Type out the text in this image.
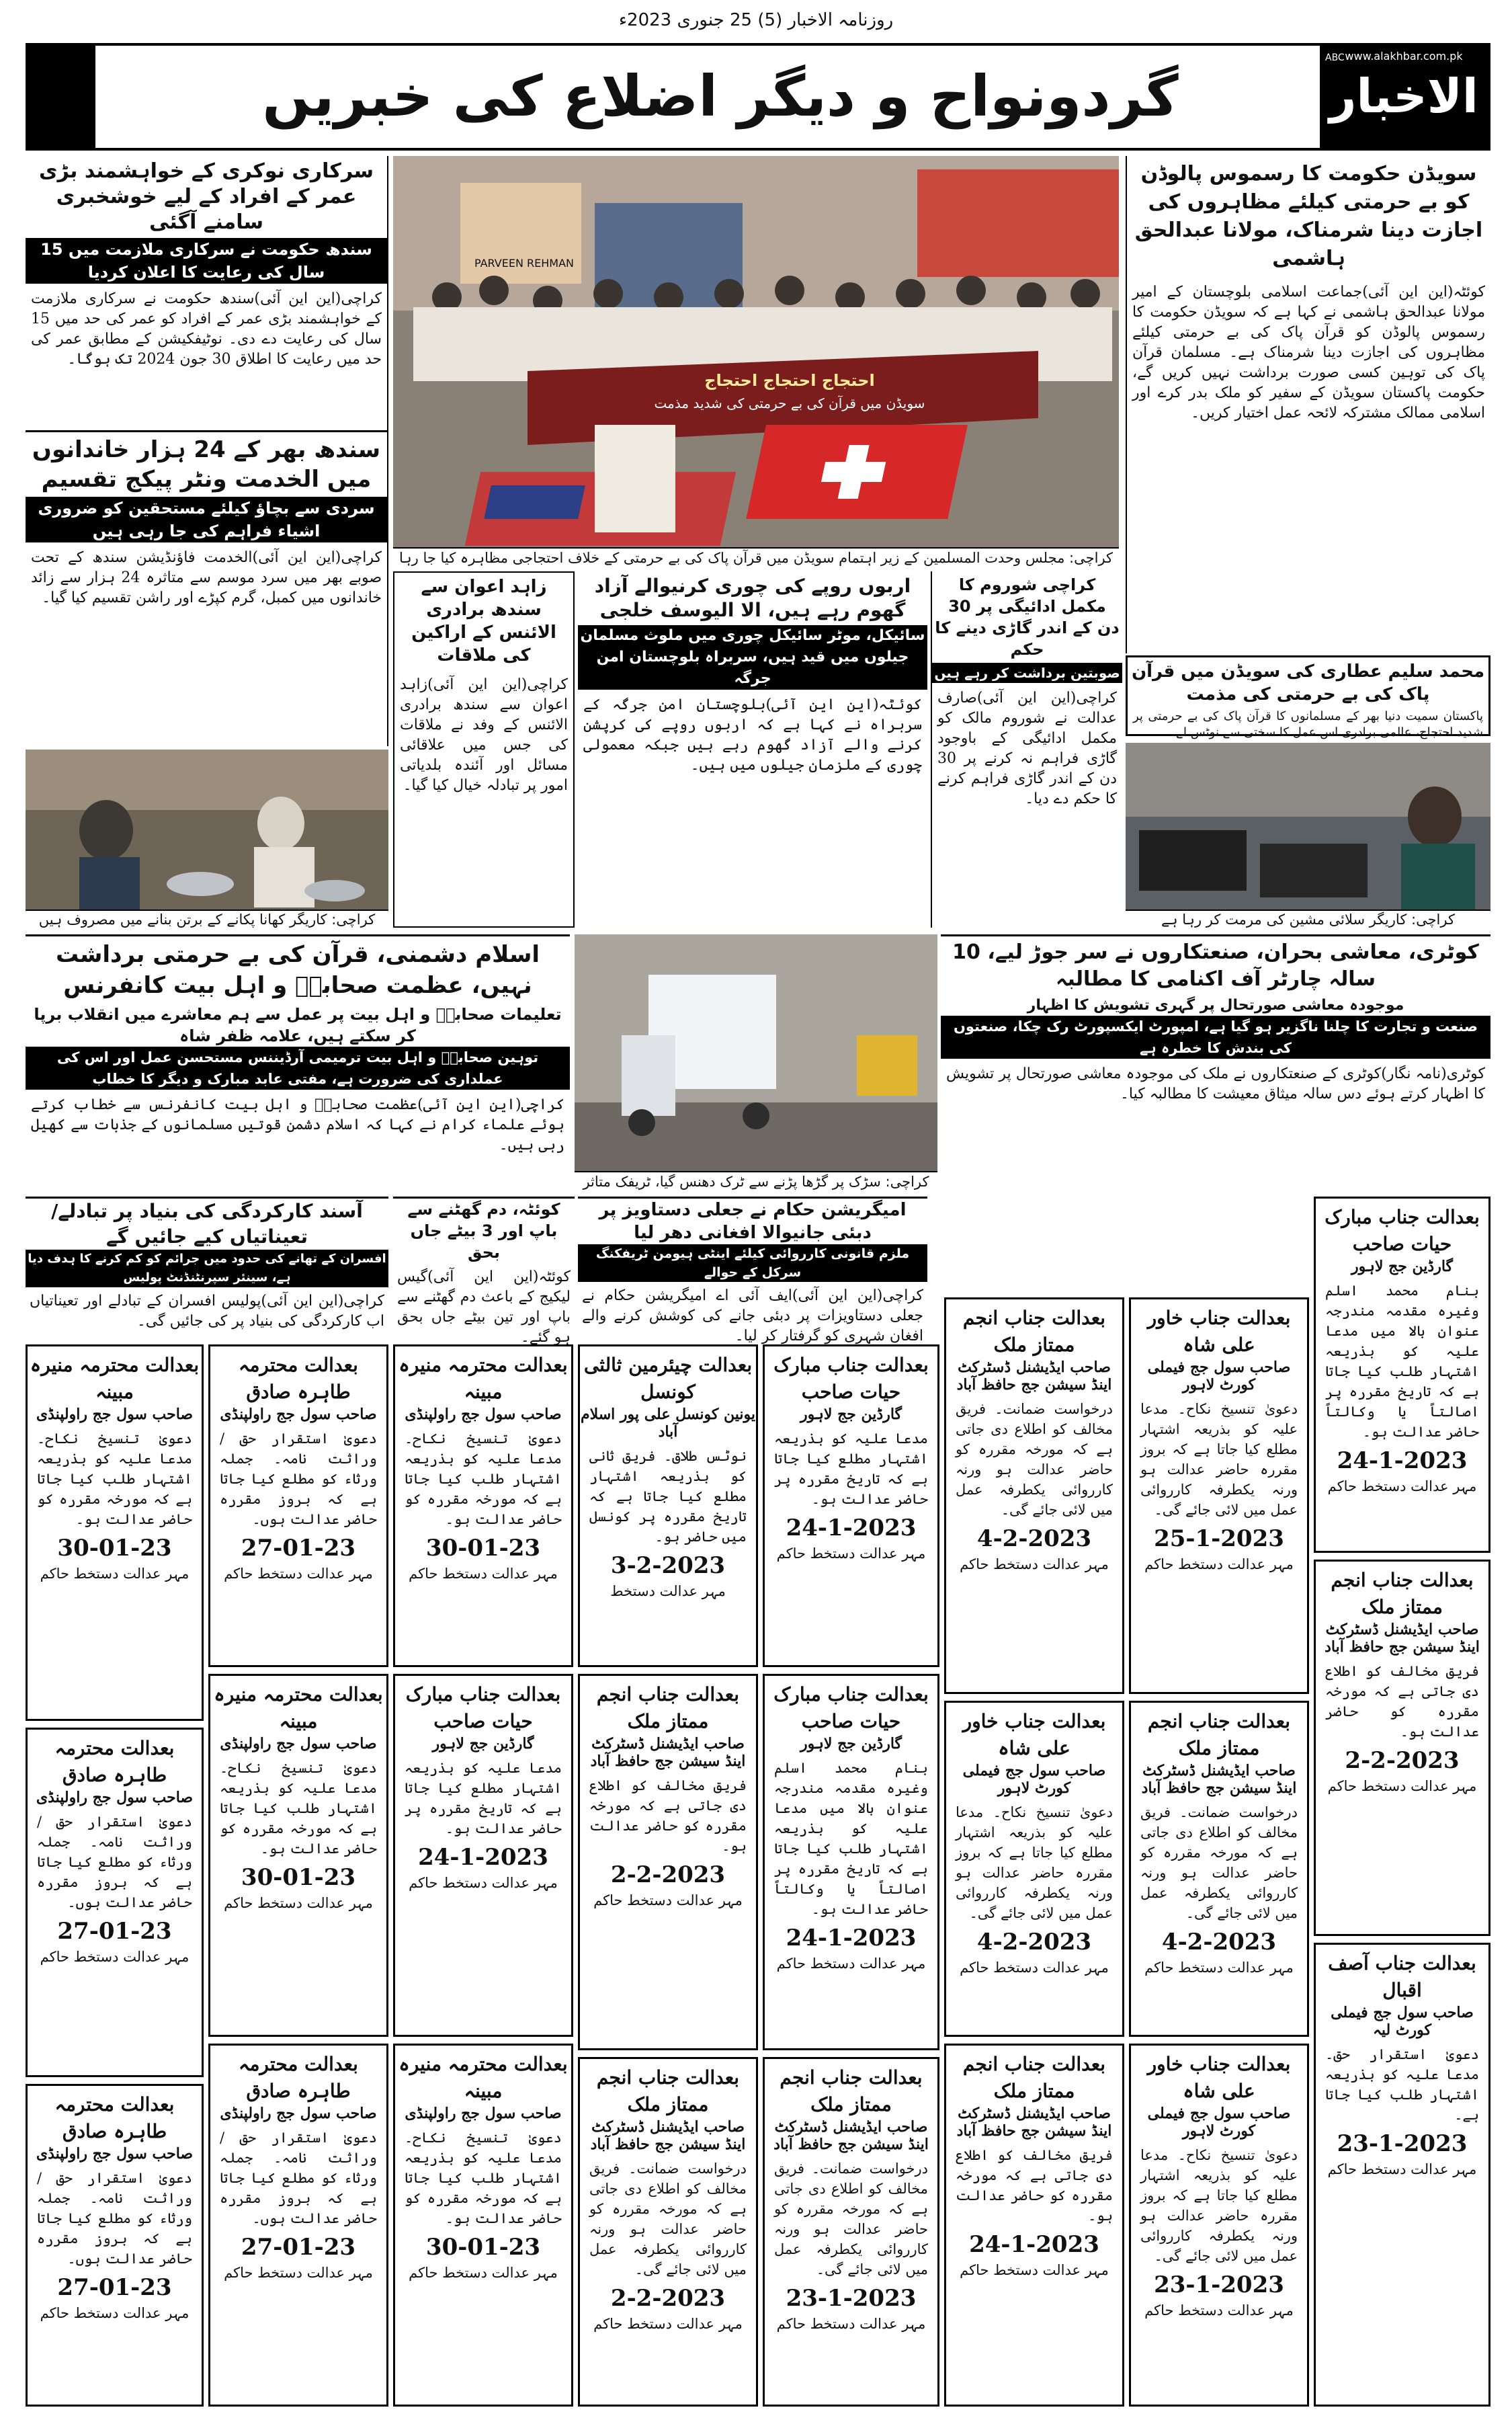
روزنامہ الاخبار (5) 25 جنوری 2023ء
گردونواح و دیگر اضلاع کی خبریں
ABC www.alakhbar.com.pk
الاخبار
سرکاری نوکری کے خواہشمند بڑی عمر کے افراد کے لیے خوشخبری سامنے آگئی
سندھ حکومت نے سرکاری ملازمت میں 15 سال کی رعایت کا اعلان کردیا
کراچی(این این آئی)سندھ حکومت نے سرکاری ملازمت کے خواہشمند بڑی عمر کے افراد کو عمر کی حد میں 15 سال کی رعایت دے دی۔ نوٹیفکیشن کے مطابق عمر کی حد میں رعایت کا اطلاق 30 جون 2024 تک ہوگا۔
سندھ بھر کے 24 ہزار خاندانوں میں الخدمت ونٹر پیکج تقسیم
سردی سے بچاؤ کیلئے مستحقین کو ضروری اشیاء فراہم کی جا رہی ہیں
کراچی(این این آئی)الخدمت فاؤنڈیشن سندھ کے تحت صوبے بھر میں سرد موسم سے متاثرہ 24 ہزار سے زائد خاندانوں میں کمبل، گرم کپڑے اور راشن تقسیم کیا گیا۔
احتجاج احتجاج احتجاج
سویڈن میں قرآن کی بے حرمتی کی شدید مذمت
PARVEEN REHMAN
کراچی: مجلس وحدت المسلمین کے زیر اہتمام سویڈن میں قرآن پاک کی بے حرمتی کے خلاف احتجاجی مظاہرہ کیا جا رہا
سویڈن حکومت کا رسموس پالوڈن کو بے حرمتی کیلئے مظاہروں کی اجازت دینا شرمناک، مولانا عبدالحق ہاشمی
کوئٹہ(این این آئی)جماعت اسلامی بلوچستان کے امیر مولانا عبدالحق ہاشمی نے کہا ہے کہ سویڈن حکومت کا رسموس پالوڈن کو قرآن پاک کی بے حرمتی کیلئے مظاہروں کی اجازت دینا شرمناک ہے۔ مسلمان قرآن پاک کی توہین کسی صورت برداشت نہیں کریں گے، حکومت پاکستان سویڈن کے سفیر کو ملک بدر کرے اور اسلامی ممالک مشترکہ لائحہ عمل اختیار کریں۔
محمد سلیم عطاری کی سویڈن میں قرآن پاک کی بے حرمتی کی مذمت
پاکستان سمیت دنیا بھر کے مسلمانوں کا قرآن پاک کی بے حرمتی پر شدید احتجاج، عالمی برادری اس عمل کا سختی سے نوٹس لے۔
زاہد اعوان سے سندھ برادری الائنس کے اراکین کی ملاقات
کراچی(این این آئی)زاہد اعوان سے سندھ برادری الائنس کے وفد نے ملاقات کی جس میں علاقائی مسائل اور آئندہ بلدیاتی امور پر تبادلہ خیال کیا گیا۔
اربوں روپے کی چوری کرنیوالے آزاد گھوم رہے ہیں، الا الیوسف خلجی
سائیکل، موٹر سائیکل چوری میں ملوث مسلمان جیلوں میں قید ہیں، سربراہ بلوچستان امن جرگہ
کوئٹہ(این این آئی)بلوچستان امن جرگہ کے سربراہ نے کہا ہے کہ اربوں روپے کی کرپشن کرنے والے آزاد گھوم رہے ہیں جبکہ معمولی چوری کے ملزمان جیلوں میں ہیں۔
کراچی شوروم کا مکمل ادائیگی پر 30 دن کے اندر گاڑی دینے کا حکم
صوبتین برداشت کر رہے ہیں
کراچی(این این آئی)صارف عدالت نے شوروم مالک کو مکمل ادائیگی کے باوجود گاڑی فراہم نہ کرنے پر 30 دن کے اندر گاڑی فراہم کرنے کا حکم دے دیا۔
کراچی: کاریگر کھانا پکانے کے برتن بنانے میں مصروف ہیں	کراچی: کاریگر سلائی مشین کی مرمت کر رہا ہے
اسلام دشمنی، قرآن کی بے حرمتی برداشت نہیں، عظمت صحابہؓ و اہل بیت کانفرنس
تعلیمات صحابہؓ و اہل بیت پر عمل سے ہم معاشرے میں انقلاب برپا کر سکتے ہیں، علامہ ظفر شاہ
توہین صحابہؓ و اہل بیت ترمیمی آرڈیننس مستحسن عمل اور اس کی عملداری کی ضرورت ہے، مفتی عابد مبارک و دیگر کا خطاب
کراچی(این این آئی)عظمت صحابہؓ و اہل بیت کانفرنس سے خطاب کرتے ہوئے علماء کرام نے کہا کہ اسلام دشمن قوتیں مسلمانوں کے جذبات سے کھیل رہی ہیں۔
کراچی: سڑک پر گڑھا پڑنے سے ٹرک دھنس گیا، ٹریفک متاثر
کوٹری، معاشی بحران، صنعتکاروں نے سر جوڑ لیے، 10 سالہ چارٹر آف اکنامی کا مطالبہ
موجودہ معاشی صورتحال پر گہری تشویش کا اظہار
صنعت و تجارت کا چلنا ناگزیر ہو گیا ہے، امپورٹ ایکسپورٹ رک چکا، صنعتوں کی بندش کا خطرہ ہے
کوٹری(نامہ نگار)کوٹری کے صنعتکاروں نے ملک کی موجودہ معاشی صورتحال پر تشویش کا اظہار کرتے ہوئے دس سالہ میثاق معیشت کا مطالبہ کیا۔
آسند کارکردگی کی بنیاد پر تبادلے/تعیناتیاں کیے جائیں گے
افسران کے تھانے کی حدود میں جرائم کو کم کرنے کا ہدف دیا ہے، سینئر سپرنٹنڈنٹ پولیس
کراچی(این این آئی)پولیس افسران کے تبادلے اور تعیناتیاں اب کارکردگی کی بنیاد پر کی جائیں گی۔
کوئٹہ، دم گھٹنے سے باپ اور 3 بیٹے جاں بحق
کوئٹہ(این این آئی)گیس لیکیج کے باعث دم گھٹنے سے باپ اور تین بیٹے جاں بحق ہو گئے۔
امیگریشن حکام نے جعلی دستاویز پر دبئی جانیوالا افغانی دھر لیا
ملزم قانونی کارروائی کیلئے اینٹی ہیومن ٹریفکنگ سرکل کے حوالے
کراچی(این این آئی)ایف آئی اے امیگریشن حکام نے جعلی دستاویزات پر دبئی جانے کی کوشش کرنے والے افغان شہری کو گرفتار کر لیا۔
بعدالت جناب مبارک حیات صاحب
گارڈین جج لاہور
بنام محمد اسلم وغیرہ مقدمہ مندرجہ عنوان بالا میں مدعا علیہ کو بذریعہ اشتہار طلب کیا جاتا ہے کہ تاریخ مقررہ پر اصالتاً یا وکالتاً حاضر عدالت ہو۔
24-1-2023
مہر عدالت دستخط حاکم
بعدالت جناب خاور علی شاہ
صاحب سول جج فیملی کورٹ لاہور
دعویٰ تنسیخ نکاح۔ مدعا علیہ کو بذریعہ اشتہار مطلع کیا جاتا ہے کہ بروز مقررہ حاضر عدالت ہو ورنہ یکطرفہ کارروائی عمل میں لائی جائے گی۔
25-1-2023
مہر عدالت دستخط حاکم
بعدالت جناب انجم ممتاز ملک
صاحب ایڈیشنل ڈسٹرکٹ اینڈ سیشن جج حافظ آباد
درخواست ضمانت۔ فریق مخالف کو اطلاع دی جاتی ہے کہ مورخہ مقررہ کو حاضر عدالت ہو ورنہ کارروائی یکطرفہ عمل میں لائی جائے گی۔
4-2-2023
مہر عدالت دستخط حاکم
بعدالت چیئرمین ثالثی کونسل
یونین کونسل علی پور اسلام آباد
نوٹس طلاق۔ فریق ثانی کو بذریعہ اشتہار مطلع کیا جاتا ہے کہ تاریخ مقررہ پر کونسل میں حاضر ہو۔
3-2-2023
مہر عدالت دستخط
بعدالت محترمہ منیرہ مبینہ
صاحب سول جج راولپنڈی
دعویٰ تنسیخ نکاح۔ مدعا علیہ کو بذریعہ اشتہار طلب کیا جاتا ہے کہ مورخہ مقررہ کو حاضر عدالت ہو۔
30-01-23
مہر عدالت دستخط حاکم
بعدالت محترمہ طاہرہ صادق
صاحب سول جج راولپنڈی
دعویٰ استقرار حق / وراثت نامہ۔ جملہ ورثاء کو مطلع کیا جاتا ہے کہ بروز مقررہ حاضر عدالت ہوں۔
27-01-23
مہر عدالت دستخط حاکم
بعدالت جناب مبارک حیات صاحب
گارڈین جج لاہور
مدعا علیہ کو بذریعہ اشتہار مطلع کیا جاتا ہے کہ تاریخ مقررہ پر حاضر عدالت ہو۔
24-1-2023
مہر عدالت دستخط حاکم
بعدالت جناب انجم ممتاز ملک
صاحب ایڈیشنل ڈسٹرکٹ اینڈ سیشن جج حافظ آباد
فریق مخالف کو اطلاع دی جاتی ہے کہ مورخہ مقررہ کو حاضر عدالت ہو۔
2-2-2023
مہر عدالت دستخط حاکم
بعدالت جناب آصف اقبال
صاحب سول جج فیملی کورٹ لیہ
دعویٰ استقرار حق۔ مدعا علیہ کو بذریعہ اشتہار طلب کیا جاتا ہے۔
23-1-2023
مہر عدالت دستخط حاکم
بعدالت محترمہ منیرہ مبینہ
صاحب سول جج راولپنڈی
دعویٰ تنسیخ نکاح۔ مدعا علیہ کو بذریعہ اشتہار طلب کیا جاتا ہے کہ مورخہ مقررہ کو حاضر عدالت ہو۔
30-01-23
مہر عدالت دستخط حاکم
بعدالت محترمہ طاہرہ صادق
صاحب سول جج راولپنڈی
دعویٰ استقرار حق / وراثت نامہ۔ جملہ ورثاء کو مطلع کیا جاتا ہے کہ بروز مقررہ حاضر عدالت ہوں۔
27-01-23
مہر عدالت دستخط حاکم
بعدالت محترمہ طاہرہ صادق
صاحب سول جج راولپنڈی
دعویٰ استقرار حق / وراثت نامہ۔ جملہ ورثاء کو مطلع کیا جاتا ہے کہ بروز مقررہ حاضر عدالت ہوں۔
27-01-23
مہر عدالت دستخط حاکم
بعدالت محترمہ منیرہ مبینہ
صاحب سول جج راولپنڈی
دعویٰ تنسیخ نکاح۔ مدعا علیہ کو بذریعہ اشتہار طلب کیا جاتا ہے کہ مورخہ مقررہ کو حاضر عدالت ہو۔
30-01-23
مہر عدالت دستخط حاکم
بعدالت محترمہ طاہرہ صادق
صاحب سول جج راولپنڈی
دعویٰ استقرار حق / وراثت نامہ۔ جملہ ورثاء کو مطلع کیا جاتا ہے کہ بروز مقررہ حاضر عدالت ہوں۔
27-01-23
مہر عدالت دستخط حاکم
بعدالت جناب مبارک حیات صاحب
گارڈین جج لاہور
مدعا علیہ کو بذریعہ اشتہار مطلع کیا جاتا ہے کہ تاریخ مقررہ پر حاضر عدالت ہو۔
24-1-2023
مہر عدالت دستخط حاکم
بعدالت محترمہ منیرہ مبینہ
صاحب سول جج راولپنڈی
دعویٰ تنسیخ نکاح۔ مدعا علیہ کو بذریعہ اشتہار طلب کیا جاتا ہے کہ مورخہ مقررہ کو حاضر عدالت ہو۔
30-01-23
مہر عدالت دستخط حاکم
بعدالت جناب انجم ممتاز ملک
صاحب ایڈیشنل ڈسٹرکٹ اینڈ سیشن جج حافظ آباد
فریق مخالف کو اطلاع دی جاتی ہے کہ مورخہ مقررہ کو حاضر عدالت ہو۔
2-2-2023
مہر عدالت دستخط حاکم
بعدالت جناب انجم ممتاز ملک
صاحب ایڈیشنل ڈسٹرکٹ اینڈ سیشن جج حافظ آباد
درخواست ضمانت۔ فریق مخالف کو اطلاع دی جاتی ہے کہ مورخہ مقررہ کو حاضر عدالت ہو ورنہ کارروائی یکطرفہ عمل میں لائی جائے گی۔
2-2-2023
مہر عدالت دستخط حاکم
بعدالت جناب مبارک حیات صاحب
گارڈین جج لاہور
بنام محمد اسلم وغیرہ مقدمہ مندرجہ عنوان بالا میں مدعا علیہ کو بذریعہ اشتہار طلب کیا جاتا ہے کہ تاریخ مقررہ پر اصالتاً یا وکالتاً حاضر عدالت ہو۔
24-1-2023
مہر عدالت دستخط حاکم
بعدالت جناب انجم ممتاز ملک
صاحب ایڈیشنل ڈسٹرکٹ اینڈ سیشن جج حافظ آباد
درخواست ضمانت۔ فریق مخالف کو اطلاع دی جاتی ہے کہ مورخہ مقررہ کو حاضر عدالت ہو ورنہ کارروائی یکطرفہ عمل میں لائی جائے گی۔
23-1-2023
مہر عدالت دستخط حاکم
بعدالت جناب خاور علی شاہ
صاحب سول جج فیملی کورٹ لاہور
دعویٰ تنسیخ نکاح۔ مدعا علیہ کو بذریعہ اشتہار مطلع کیا جاتا ہے کہ بروز مقررہ حاضر عدالت ہو ورنہ یکطرفہ کارروائی عمل میں لائی جائے گی۔
4-2-2023
مہر عدالت دستخط حاکم
بعدالت جناب انجم ممتاز ملک
صاحب ایڈیشنل ڈسٹرکٹ اینڈ سیشن جج حافظ آباد
فریق مخالف کو اطلاع دی جاتی ہے کہ مورخہ مقررہ کو حاضر عدالت ہو۔
24-1-2023
مہر عدالت دستخط حاکم
بعدالت جناب انجم ممتاز ملک
صاحب ایڈیشنل ڈسٹرکٹ اینڈ سیشن جج حافظ آباد
درخواست ضمانت۔ فریق مخالف کو اطلاع دی جاتی ہے کہ مورخہ مقررہ کو حاضر عدالت ہو ورنہ کارروائی یکطرفہ عمل میں لائی جائے گی۔
4-2-2023
مہر عدالت دستخط حاکم
بعدالت جناب خاور علی شاہ
صاحب سول جج فیملی کورٹ لاہور
دعویٰ تنسیخ نکاح۔ مدعا علیہ کو بذریعہ اشتہار مطلع کیا جاتا ہے کہ بروز مقررہ حاضر عدالت ہو ورنہ یکطرفہ کارروائی عمل میں لائی جائے گی۔
23-1-2023
مہر عدالت دستخط حاکم
